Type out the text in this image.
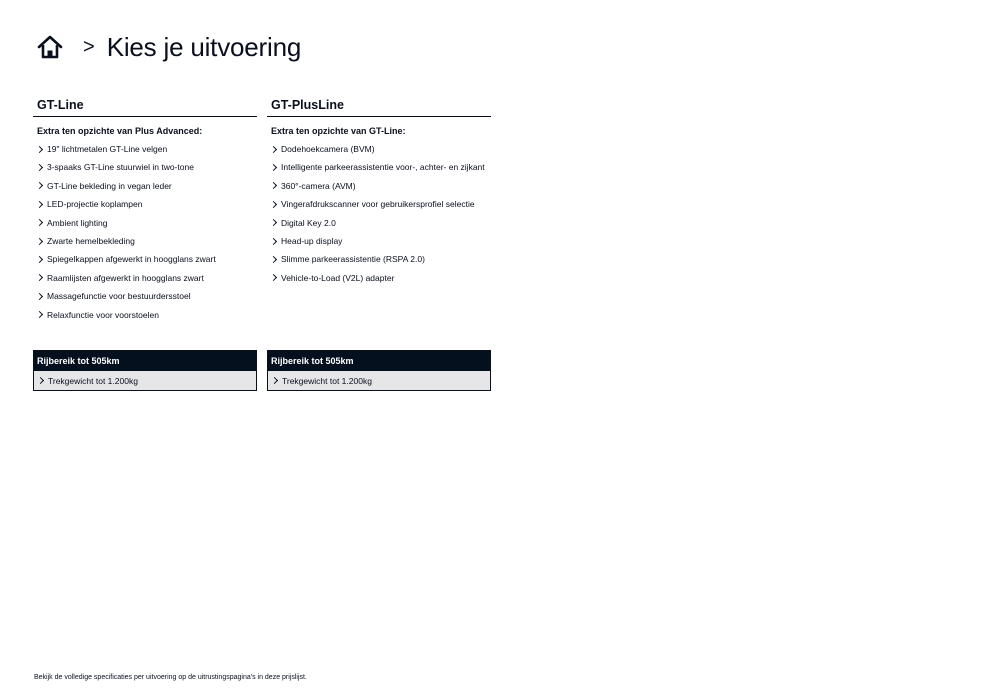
> Kies je uitvoering
GT-Line
Extra ten opzichte van Plus Advanced:
19" lichtmetalen GT-Line velgen
3-spaaks GT-Line stuurwiel in two-tone
GT-Line bekleding in vegan leder
LED-projectie koplampen
Ambient lighting
Zwarte hemelbekleding
Spiegelkappen afgewerkt in hoogglans zwart
Raamlijsten afgewerkt in hoogglans zwart
Massagefunctie voor bestuurdersstoel
Relaxfunctie voor voorstoelen
GT-PlusLine
Extra ten opzichte van GT-Line:
Dodehoekcamera (BVM)
Intelligente parkeerassistentie voor-, achter- en zijkant
360°-camera (AVM)
Vingerafdrukscanner voor gebruikersprofiel selectie
Digital Key 2.0
Head-up display
Slimme parkeerassistentie (RSPA 2.0)
Vehicle-to-Load (V2L) adapter
Rijbereik tot 505km
Trekgewicht tot 1.200kg
Rijbereik tot 505km
Trekgewicht tot 1.200kg
Bekijk de volledige specificaties per uitvoering op de uitrustingspagina's in deze prijslijst.
